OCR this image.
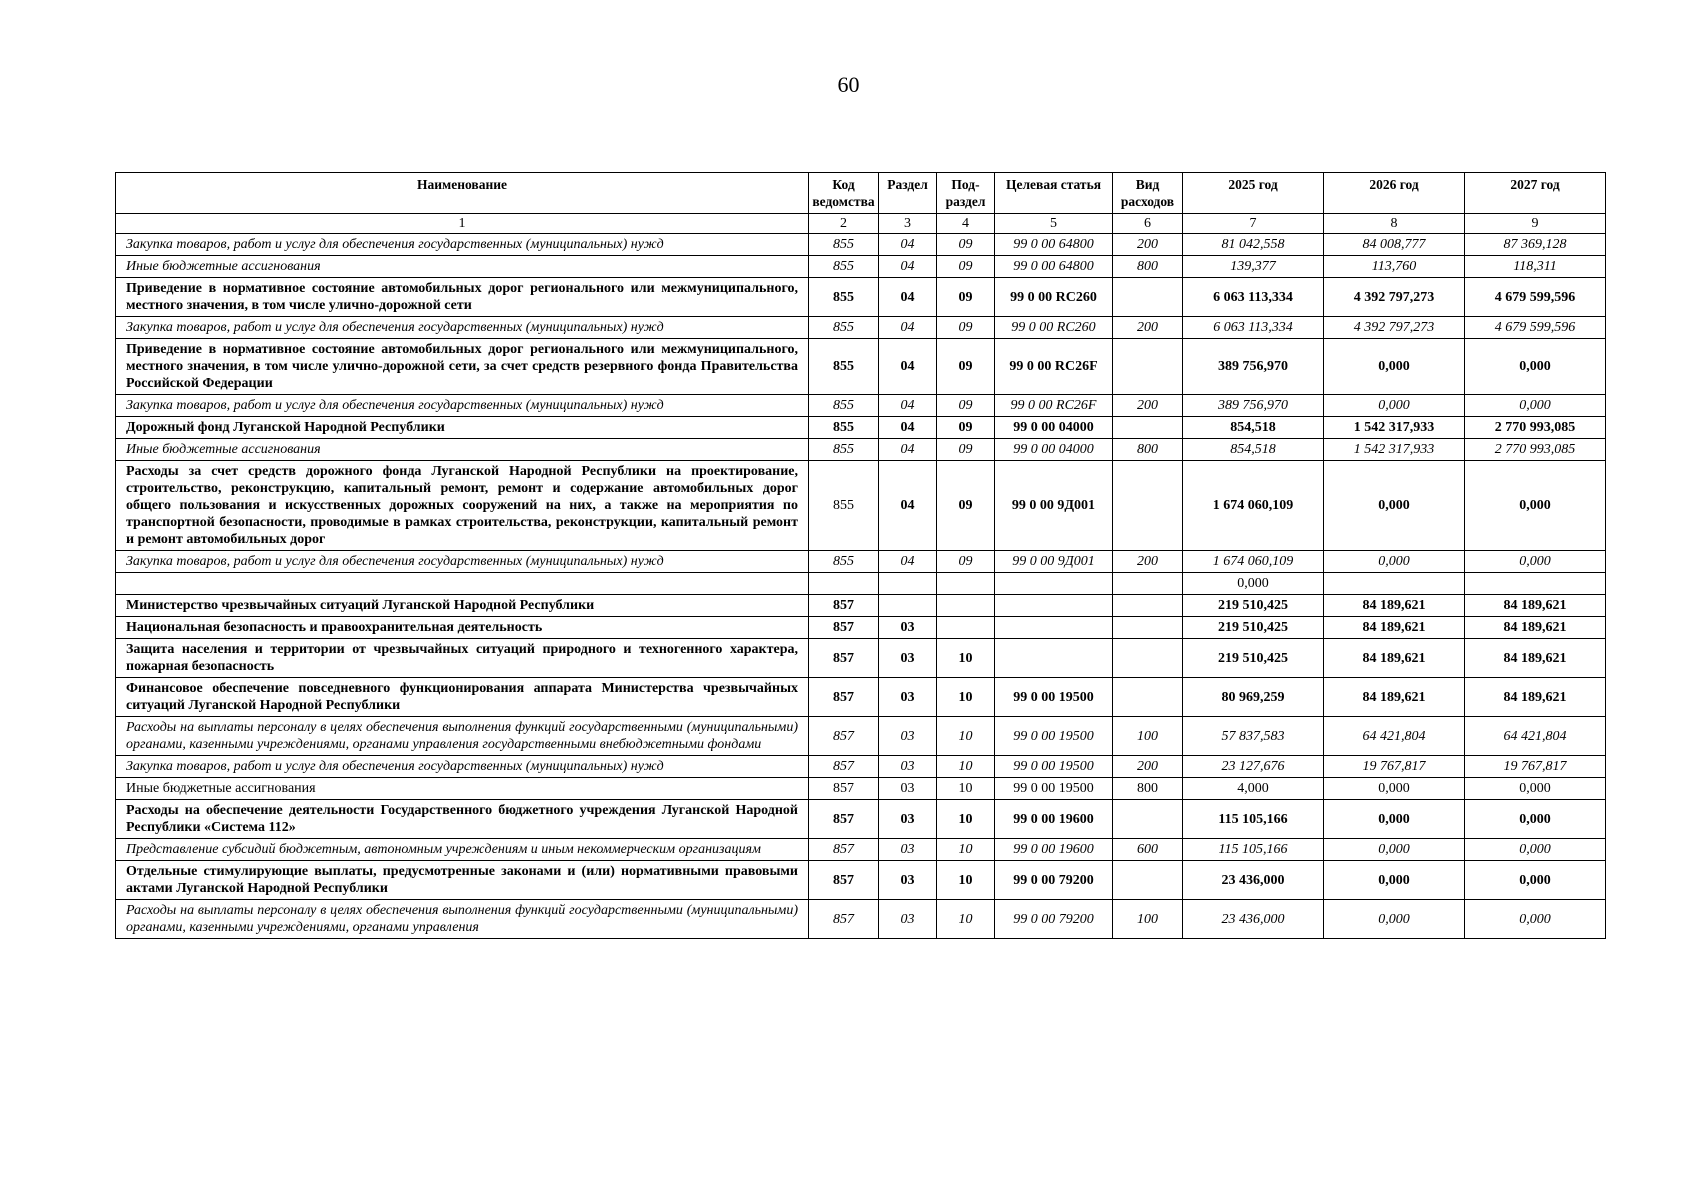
60
Наименование	Код ведомства	Раздел	Под-раздел	Целевая статья	Вид расходов	2025 год	2026 год	2027 год
1	2	3	4	5	6	7	8	9
Закупка товаров, работ и услуг для обеспечения государственных (муниципальных) нужд	855	04	09	99 0 00 64800	200	81 042,558	84 008,777	87 369,128
Иные бюджетные ассигнования	855	04	09	99 0 00 64800	800	139,377	113,760	118,311
Приведение в нормативное состояние автомобильных дорог регионального или межмуниципального, местного значения, в том числе улично-дорожной сети	855	04	09	99 0 00 RC260		6 063 113,334	4 392 797,273	4 679 599,596
Закупка товаров, работ и услуг для обеспечения государственных (муниципальных) нужд	855	04	09	99 0 00 RC260	200	6 063 113,334	4 392 797,273	4 679 599,596
Приведение в нормативное состояние автомобильных дорог регионального или межмуниципального, местного значения, в том числе улично-дорожной сети, за счет средств резервного фонда Правительства Российской Федерации	855	04	09	99 0 00 RC26F		389 756,970	0,000	0,000
Закупка товаров, работ и услуг для обеспечения государственных (муниципальных) нужд	855	04	09	99 0 00 RC26F	200	389 756,970	0,000	0,000
Дорожный фонд Луганской Народной Республики	855	04	09	99 0 00 04000		854,518	1 542 317,933	2 770 993,085
Иные бюджетные ассигнования	855	04	09	99 0 00 04000	800	854,518	1 542 317,933	2 770 993,085
Расходы за счет средств дорожного фонда Луганской Народной Республики на проектирование, строительство, реконструкцию, капитальный ремонт, ремонт и содержание автомобильных дорог общего пользования и искусственных дорожных сооружений на них, а также на мероприятия по транспортной безопасности, проводимые в рамках строительства, реконструкции, капитальный ремонт и ремонт автомобильных дорог	855	04	09	99 0 00 9Д001		1 674 060,109	0,000	0,000
Закупка товаров, работ и услуг для обеспечения государственных (муниципальных) нужд	855	04	09	99 0 00 9Д001	200	1 674 060,109	0,000	0,000
						0,000		
Министерство чрезвычайных ситуаций Луганской Народной Республики	857					219 510,425	84 189,621	84 189,621
Национальная безопасность и правоохранительная деятельность	857	03				219 510,425	84 189,621	84 189,621
Защита населения и территории от чрезвычайных ситуаций природного и техногенного характера, пожарная безопасность	857	03	10			219 510,425	84 189,621	84 189,621
Финансовое обеспечение повседневного функционирования аппарата Министерства чрезвычайных ситуаций Луганской Народной Республики	857	03	10	99 0 00 19500		80 969,259	84 189,621	84 189,621
Расходы на выплаты персоналу в целях обеспечения выполнения функций государственными (муниципальными) органами, казенными учреждениями, органами управления государственными внебюджетными фондами	857	03	10	99 0 00 19500	100	57 837,583	64 421,804	64 421,804
Закупка товаров, работ и услуг для обеспечения государственных (муниципальных) нужд	857	03	10	99 0 00 19500	200	23 127,676	19 767,817	19 767,817
Иные бюджетные ассигнования	857	03	10	99 0 00 19500	800	4,000	0,000	0,000
Расходы на обеспечение деятельности Государственного бюджетного учреждения Луганской Народной Республики «Система 112»	857	03	10	99 0 00 19600		115 105,166	0,000	0,000
Представление субсидий бюджетным, автономным учреждениям и иным некоммерческим организациям	857	03	10	99 0 00 19600	600	115 105,166	0,000	0,000
Отдельные стимулирующие выплаты, предусмотренные законами и (или) нормативными правовыми актами Луганской Народной Республики	857	03	10	99 0 00 79200		23 436,000	0,000	0,000
Расходы на выплаты персоналу в целях обеспечения выполнения функций государственными (муниципальными) органами, казенными учреждениями, органами управления	857	03	10	99 0 00 79200	100	23 436,000	0,000	0,000
